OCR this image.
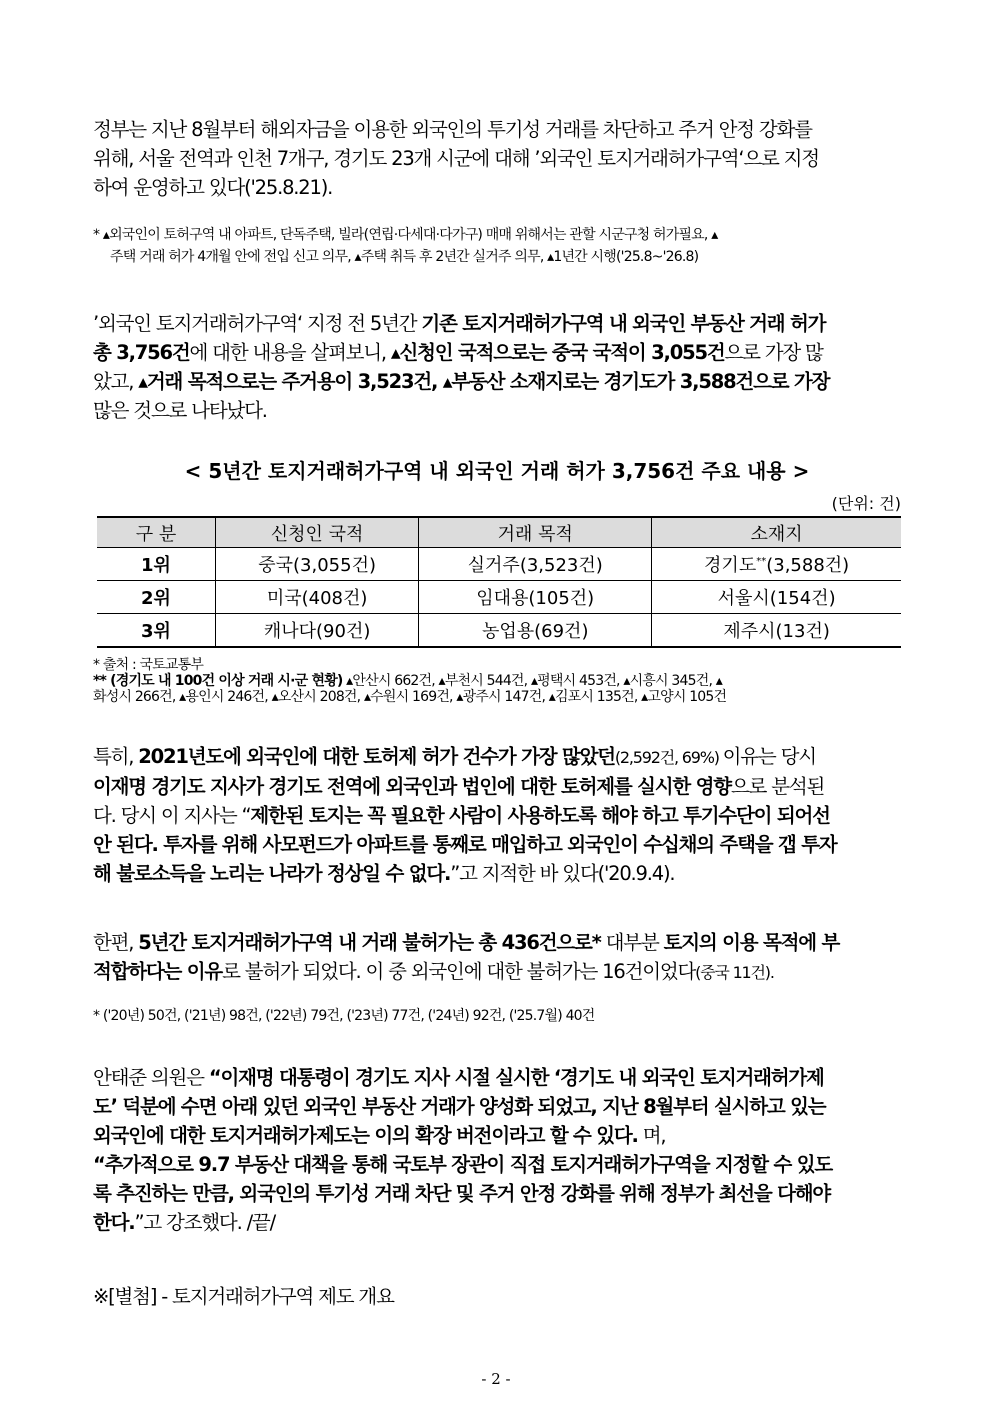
정부는 지난 8월부터 해외자금을 이용한 외국인의 투기성 거래를 차단하고 주거 안정 강화를

위해, 서울 전역과 인천 7개구, 경기도 23개 시군에 대해 ’외국인 토지거래허가구역‘으로 지정

하여 운영하고 있다('25.8.21).

* ▴외국인이 토허구역 내 아파트, 단독주택, 빌라(연립·다세대·다가구) 매매 위해서는 관할 시군구청 허가필요, ▴
주택 거래 허가 4개월 안에 전입 신고 의무, ▴주택 취득 후 2년간 실거주 의무, ▴1년간 시행('25.8~'26.8)
’외국인 토지거래허가구역‘ 지정 전 5년간 기존 토지거래허가구역 내 외국인 부동산 거래 허가
총 3,756건에 대한 내용을 살펴보니, ▴신청인 국적으로는 중국 국적이 3,055건으로 가장 많
았고, ▴거래 목적으로는 주거용이 3,523건, ▴부동산 소재지로는 경기도가 3,588건으로 가장
많은 것으로 나타났다.
< 5년간 토지거래허가구역 내 외국인 거래 허가 3,756건 주요 내용 >
(단위: 건)
구 분	신청인 국적	거래 목적	소재지
1위	중국(3,055건)	실거주(3,523건)	경기도**(3,588건)
2위	미국(408건)	임대용(105건)	서울시(154건)
3위	캐나다(90건)	농업용(69건)	제주시(13건)

* 출처 : 국토교통부

** (경기도 내 100건 이상 거래 시·군 현황) ▴안산시 662건, ▴부천시 544건, ▴평택시 453건, ▴시흥시 345건, ▴

화성시 266건, ▴용인시 246건, ▴오산시 208건, ▴수원시 169건, ▴광주시 147건, ▴김포시 135건, ▴고양시 105건

특히, 2021년도에 외국인에 대한 토허제 허가 건수가 가장 많았던(2,592건, 69%) 이유는 당시
이재명 경기도 지사가 경기도 전역에 외국인과 법인에 대한 토허제를 실시한 영향으로 분석된
다. 당시 이 지사는 “제한된 토지는 꼭 필요한 사람이 사용하도록 해야 하고 투기수단이 되어선
안 된다. 투자를 위해 사모펀드가 아파트를 통째로 매입하고 외국인이 수십채의 주택을 갭 투자
해 불로소득을 노리는 나라가 정상일 수 없다.”고 지적한 바 있다('20.9.4).
한편, 5년간 토지거래허가구역 내 거래 불허가는 총 436건으로* 대부분 토지의 이용 목적에 부
적합하다는 이유로 불허가 되었다. 이 중 외국인에 대한 불허가는 16건이었다(중국 11건).
* ('20년) 50건, ('21년) 98건, ('22년) 79건, ('23년) 77건, ('24년) 92건, ('25.7월) 40건
안태준 의원은 “이재명 대통령이 경기도 지사 시절 실시한 ‘경기도 내 외국인 토지거래허가제
도’ 덕분에 수면 아래 있던 외국인 부동산 거래가 양성화 되었고, 지난 8월부터 실시하고 있는
외국인에 대한 토지거래허가제도는 이의 확장 버전이라고 할 수 있다. 며,
“추가적으로 9.7 부동산 대책을 통해 국토부 장관이 직접 토지거래허가구역을 지정할 수 있도
록 추진하는 만큼, 외국인의 투기성 거래 차단 및 주거 안정 강화를 위해 정부가 최선을 다해야
한다.”고 강조했다. /끝/
※[별첨] - 토지거래허가구역 제도 개요
- 2 -
